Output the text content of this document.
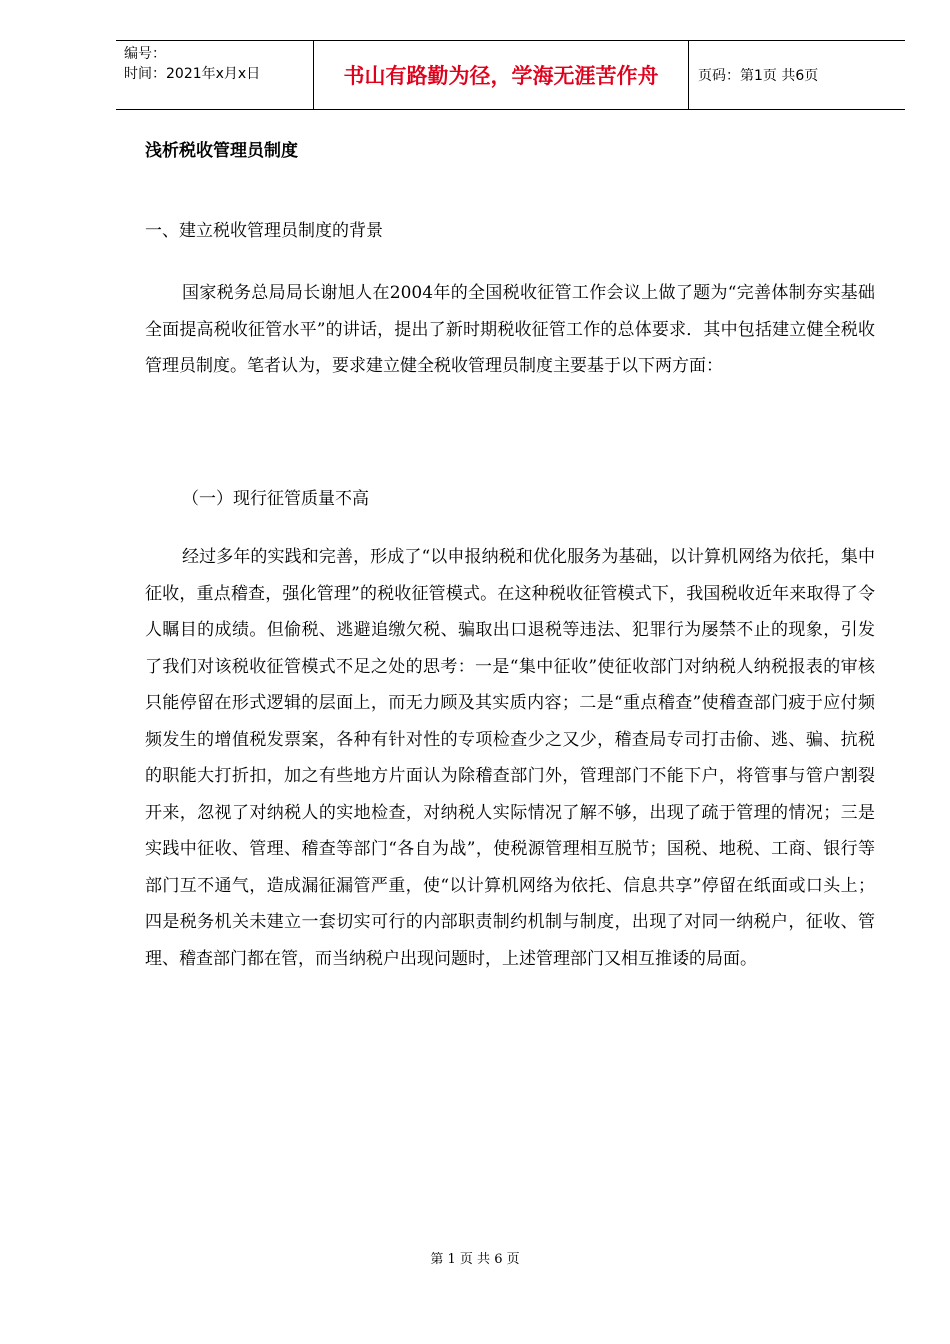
编号：
时间：2021年x月x日	书山有路勤为径，学海无涯苦作舟	页码：第1页 共6页
浅析税收管理员制度
一、建立税收管理员制度的背景

国家税务总局局长谢旭人在2004年的全国税收征管工作会议上做了题为“完善体制夯实基础全面提高税收征管水平”的讲话，提出了新时期税收征管工作的总体要求．其中包括建立健全税收管理员制度。笔者认为，要求建立健全税收管理员制度主要基于以下两方面：

（一）现行征管质量不高

经过多年的实践和完善，形成了“以申报纳税和优化服务为基础，以计算机网络为依托，集中征收，重点稽查，强化管理”的税收征管模式。在这种税收征管模式下，我国税收近年来取得了令人瞩目的成绩。但偷税、逃避追缴欠税、骗取出口退税等违法、犯罪行为屡禁不止的现象，引发了我们对该税收征管模式不足之处的思考：一是“集中征收”使征收部门对纳税人纳税报表的审核只能停留在形式逻辑的层面上，而无力顾及其实质内容；二是“重点稽查”使稽查部门疲于应付频频发生的增值税发票案，各种有针对性的专项检查少之又少，稽查局专司打击偷、逃、骗、抗税的职能大打折扣，加之有些地方片面认为除稽查部门外，管理部门不能下户，将管事与管户割裂开来，忽视了对纳税人的实地检查，对纳税人实际情况了解不够，出现了疏于管理的情况；三是实践中征收、管理、稽查等部门“各自为战”，使税源管理相互脱节；国税、地税、工商、银行等部门互不通气，造成漏征漏管严重，使“以计算机网络为依托、信息共享”停留在纸面或口头上；四是税务机关未建立一套切实可行的内部职责制约机制与制度，出现了对同一纳税户，征收、管理、稽查部门都在管，而当纳税户出现问题时，上述管理部门又相互推诿的局面。

第 1 页 共 6 页
